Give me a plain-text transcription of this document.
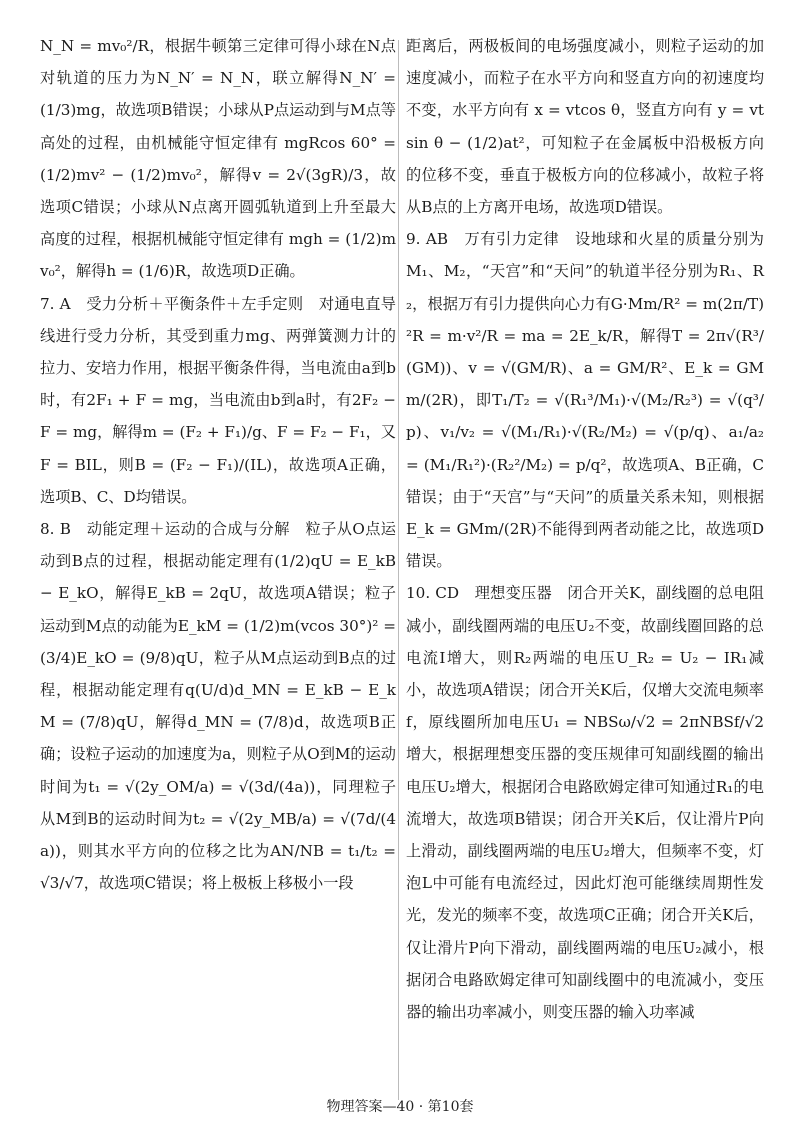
N_N = mv₀²/R，根据牛顿第三定律可得小球在N点对轨道的压力为N_N′ = N_N，联立解得N_N′ = (1/3)mg，故选项B错误；小球从P点运动到与M点等高处的过程，由机械能守恒定律有 mgRcos 60° = (1/2)mv² − (1/2)mv₀²，解得v = 2√(3gR)/3，故选项C错误；小球从N点离开圆弧轨道到上升至最大高度的过程，根据机械能守恒定律有 mgh = (1/2)mv₀²，解得h = (1/6)R，故选项D正确。

7. A　受力分析＋平衡条件＋左手定则　对通电直导线进行受力分析，其受到重力mg、两弹簧测力计的拉力、安培力作用，根据平衡条件得，当电流由a到b时，有2F₁ + F = mg，当电流由b到a时，有2F₂ − F = mg，解得m = (F₂ + F₁)/g、F = F₂ − F₁，又F = BIL，则B = (F₂ − F₁)/(IL)，故选项A正确，选项B、C、D均错误。

8. B　动能定理＋运动的合成与分解　粒子从O点运动到B点的过程，根据动能定理有(1/2)qU = E_kB − E_kO，解得E_kB = 2qU，故选项A错误；粒子运动到M点的动能为E_kM = (1/2)m(vcos 30°)² = (3/4)E_kO = (9/8)qU，粒子从M点运动到B点的过程，根据动能定理有q(U/d)d_MN = E_kB − E_kM = (7/8)qU，解得d_MN = (7/8)d，故选项B正确；设粒子运动的加速度为a，则粒子从O到M的运动时间为t₁ = √(2y_OM/a) = √(3d/(4a))，同理粒子从M到B的运动时间为t₂ = √(2y_MB/a) = √(7d/(4a))，则其水平方向的位移之比为AN/NB = t₁/t₂ = √3/√7，故选项C错误；将上极板上移极小一段

距离后，两极板间的电场强度减小，则粒子运动的加速度减小，而粒子在水平方向和竖直方向的初速度均不变，水平方向有 x = vtcos θ，竖直方向有 y = vtsin θ − (1/2)at²，可知粒子在金属板中沿极板方向的位移不变，垂直于极板方向的位移减小，故粒子将从B点的上方离开电场，故选项D错误。

9. AB　万有引力定律　设地球和火星的质量分别为M₁、M₂，“天宫”和“天问”的轨道半径分别为R₁、R₂，根据万有引力提供向心力有G·Mm/R² = m(2π/T)²R = m·v²/R = ma = 2E_k/R，解得T = 2π√(R³/(GM))、v = √(GM/R)、a = GM/R²、E_k = GMm/(2R)，即T₁/T₂ = √(R₁³/M₁)·√(M₂/R₂³) = √(q³/p)、v₁/v₂ = √(M₁/R₁)·√(R₂/M₂) = √(p/q)、a₁/a₂ = (M₁/R₁²)·(R₂²/M₂) = p/q²，故选项A、B正确，C错误；由于“天宫”与“天问”的质量关系未知，则根据E_k = GMm/(2R)不能得到两者动能之比，故选项D错误。

10. CD　理想变压器　闭合开关K，副线圈的总电阻减小，副线圈两端的电压U₂不变，故副线圈回路的总电流I增大，则R₂两端的电压U_R₂ = U₂ − IR₁减小，故选项A错误；闭合开关K后，仅增大交流电频率f，原线圈所加电压U₁ = NBSω/√2 = 2πNBSf/√2增大，根据理想变压器的变压规律可知副线圈的输出电压U₂增大，根据闭合电路欧姆定律可知通过R₁的电流增大，故选项B错误；闭合开关K后，仅让滑片P向上滑动，副线圈两端的电压U₂增大，但频率不变，灯泡L中可能有电流经过，因此灯泡可能继续周期性发光，发光的频率不变，故选项C正确；闭合开关K后，仅让滑片P向下滑动，副线圈两端的电压U₂减小，根据闭合电路欧姆定律可知副线圈中的电流减小，变压器的输出功率减小，则变压器的输入功率减

物理答案—40 · 第10套
